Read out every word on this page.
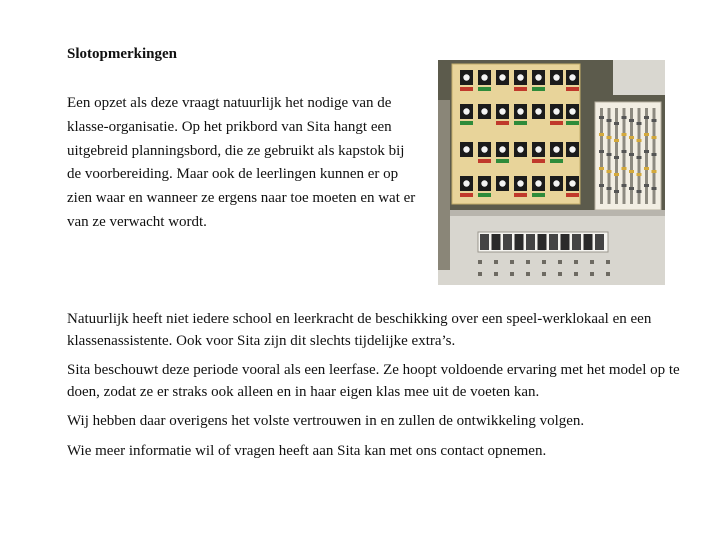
Slotopmerkingen

Een opzet als deze vraagt natuurlijk het nodige van de klasse-organisatie. Op het prikbord van Sita hangt een uitgebreid planningsbord, die ze gebruikt als kapstok bij de voorbereiding. Maar ook de leerlingen kunnen er op zien waar en wanneer ze ergens naar toe moeten en wat er van ze verwacht wordt.

Natuurlijk heeft niet iedere school en leerkracht de beschikking over een speel-werklokaal en een klassenassistente. Ook voor Sita zijn dit slechts tijdelijke extra’s.

Sita beschouwt deze periode vooral als een leerfase. Ze hoopt voldoende ervaring met het model op te doen, zodat ze er straks ook alleen en in haar eigen klas mee uit de voeten kan.

Wij hebben daar overigens het volste vertrouwen in en zullen de ontwikkeling volgen.

Wie meer informatie wil of vragen heeft aan Sita kan met ons contact opnemen.
